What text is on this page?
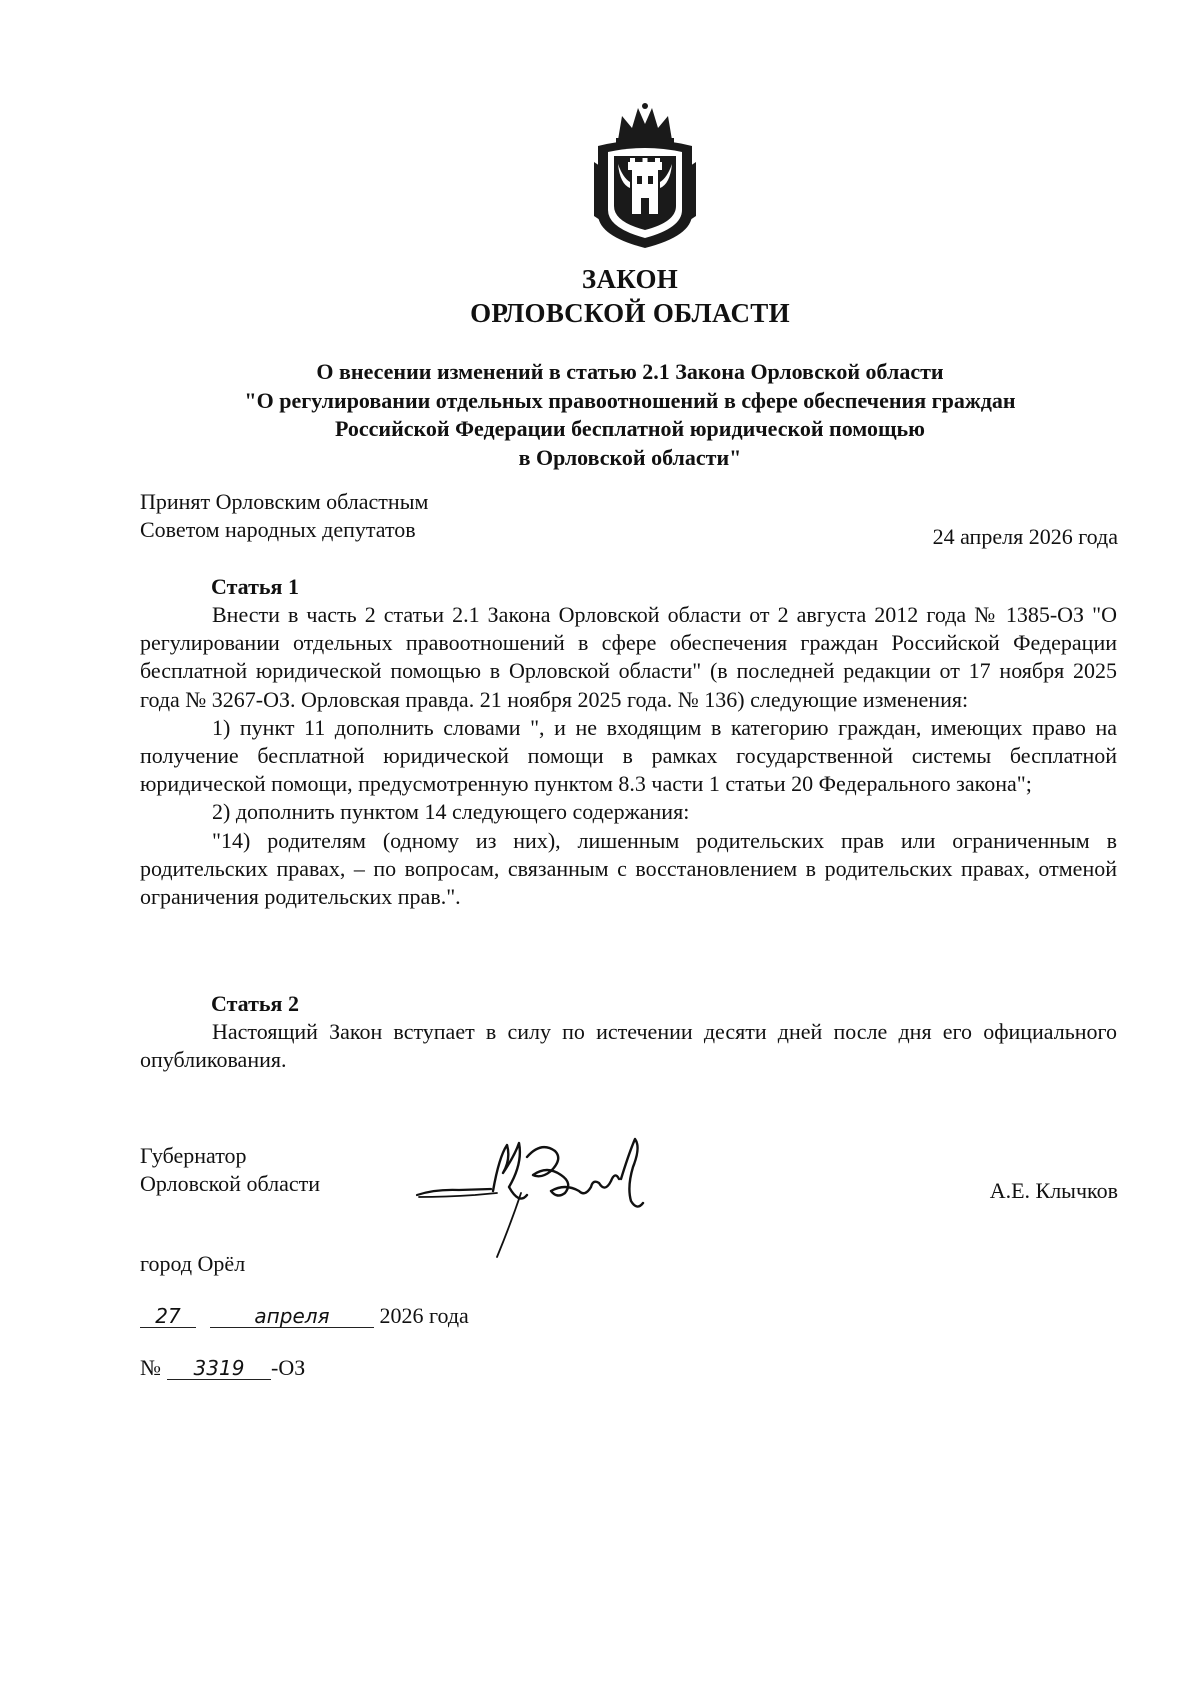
ЗАКОН
ОРЛОВСКОЙ ОБЛАСТИ
О внесении изменений в статью 2.1 Закона Орловской области
"О регулировании отдельных правоотношений в сфере обеспечения граждан
Российской Федерации бесплатной юридической помощью
в Орловской области"
Принят Орловским областным
Советом народных депутатов	24 апреля 2026 года
Статья 1

Внести в часть 2 статьи 2.1 Закона Орловской области от 2 августа 2012 года № 1385-ОЗ "О регулировании отдельных правоотношений в сфере обеспечения граждан Российской Федерации бесплатной юридической помощью в Орловской области" (в последней редакции от 17 ноября 2025 года № 3267-ОЗ. Орловская правда. 21 ноября 2025 года. № 136) следующие изменения:

1) пункт 11 дополнить словами ", и не входящим в категорию граждан, имеющих право на получение бесплатной юридической помощи в рамках государственной системы бесплатной юридической помощи, предусмотренную пунктом 8.3 части 1 статьи 20 Федерального закона";

2) дополнить пунктом 14 следующего содержания:

"14) родителям (одному из них), лишенным родительских прав или ограниченным в родительских правах, – по вопросам, связанным с восстановлением в родительских правах, отменой ограничения родительских прав.".

Статья 2

Настоящий Закон вступает в силу по истечении десяти дней после дня его официального опубликования.

Губернатор
Орловской области	А.Е. Клычков
город Орёл
27	апреля 2026 года
№ 3319 -ОЗ
